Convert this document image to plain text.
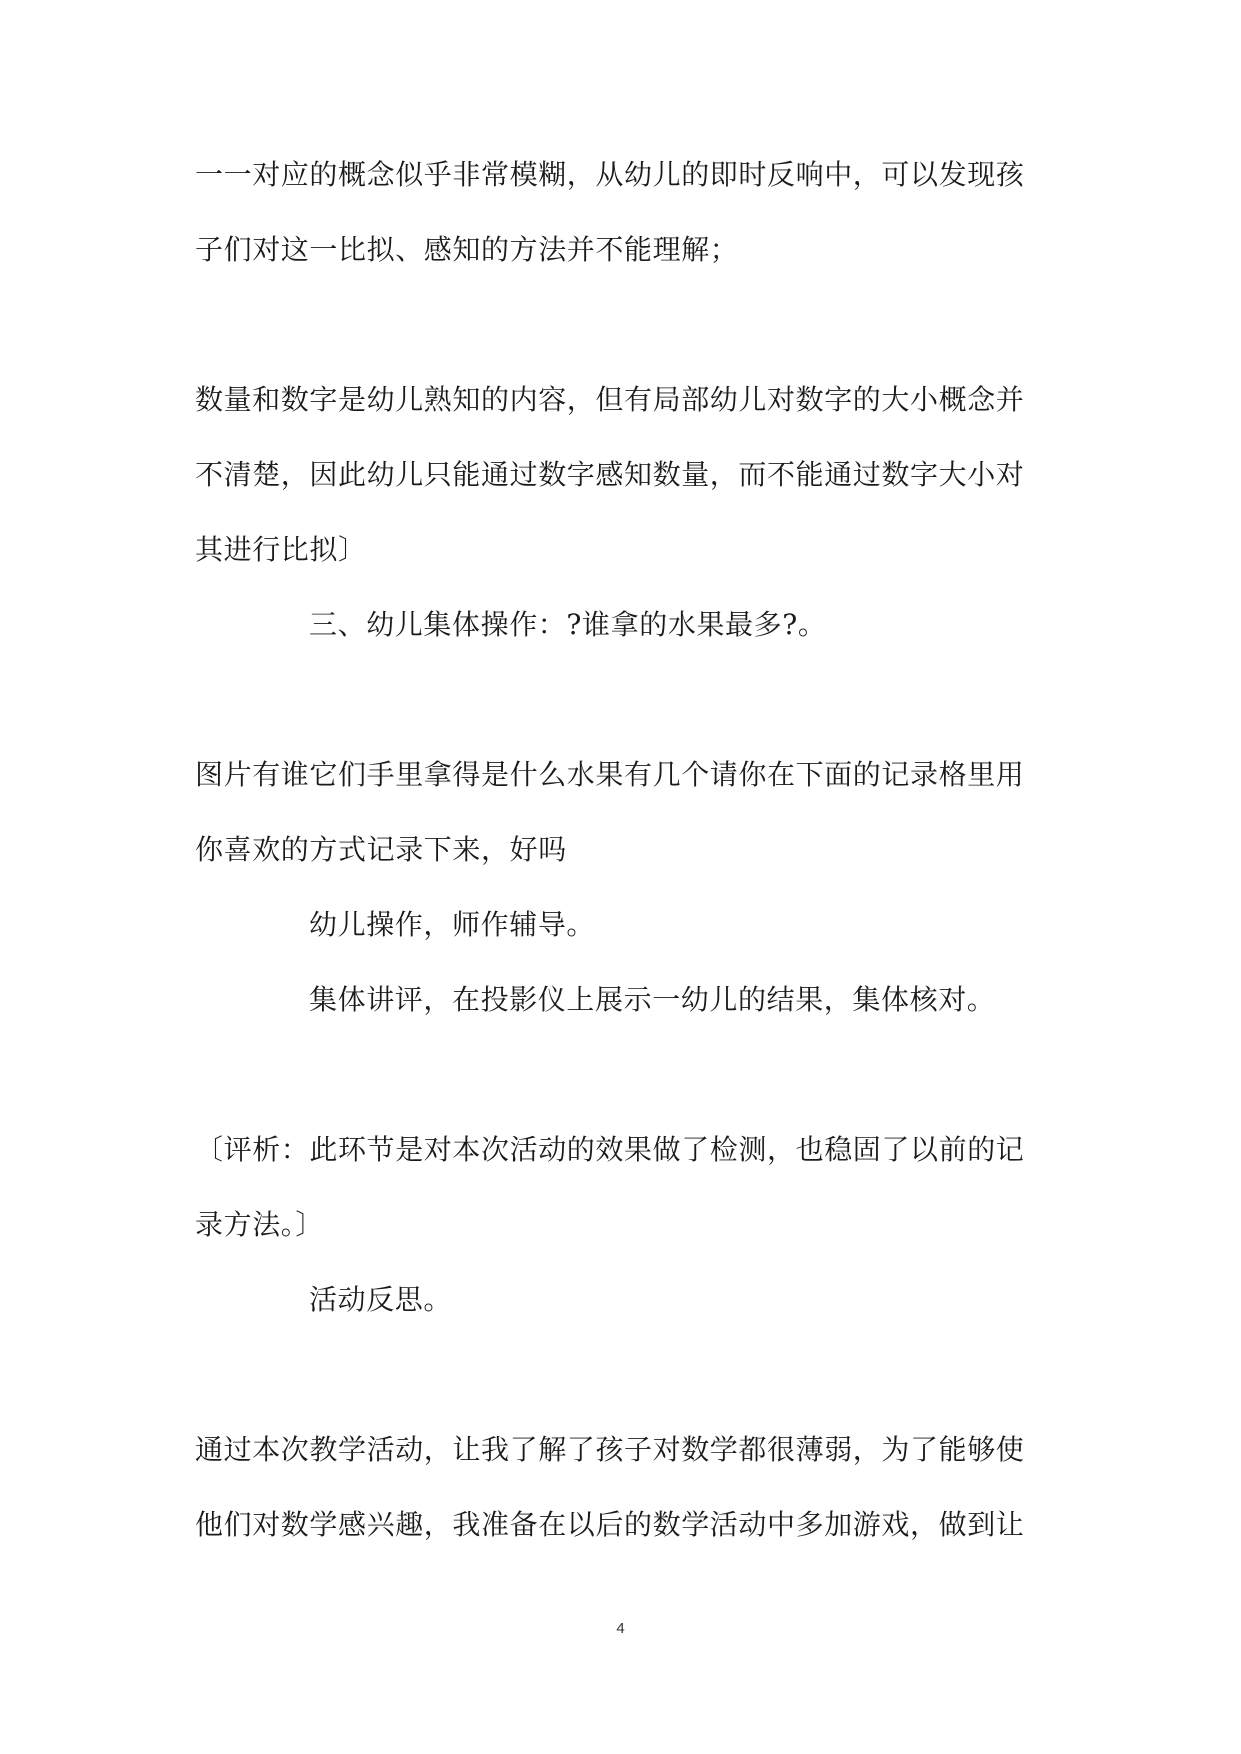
一一对应的概念似乎非常模糊，从幼儿的即时反响中，可以发现孩
子们对这一比拟、感知的方法并不能理解；
数量和数字是幼儿熟知的内容，但有局部幼儿对数字的大小概念并
不清楚，因此幼儿只能通过数字感知数量，而不能通过数字大小对
其进行比拟〕
三、幼儿集体操作：?谁拿的水果最多?。
图片有谁它们手里拿得是什么水果有几个请你在下面的记录格里用
你喜欢的方式记录下来，好吗
幼儿操作，师作辅导。
集体讲评，在投影仪上展示一幼儿的结果，集体核对。
〔评析：此环节是对本次活动的效果做了检测，也稳固了以前的记
录方法。〕
活动反思。
通过本次教学活动，让我了解了孩子对数学都很薄弱，为了能够使
他们对数学感兴趣，我准备在以后的数学活动中多加游戏，做到让
4
